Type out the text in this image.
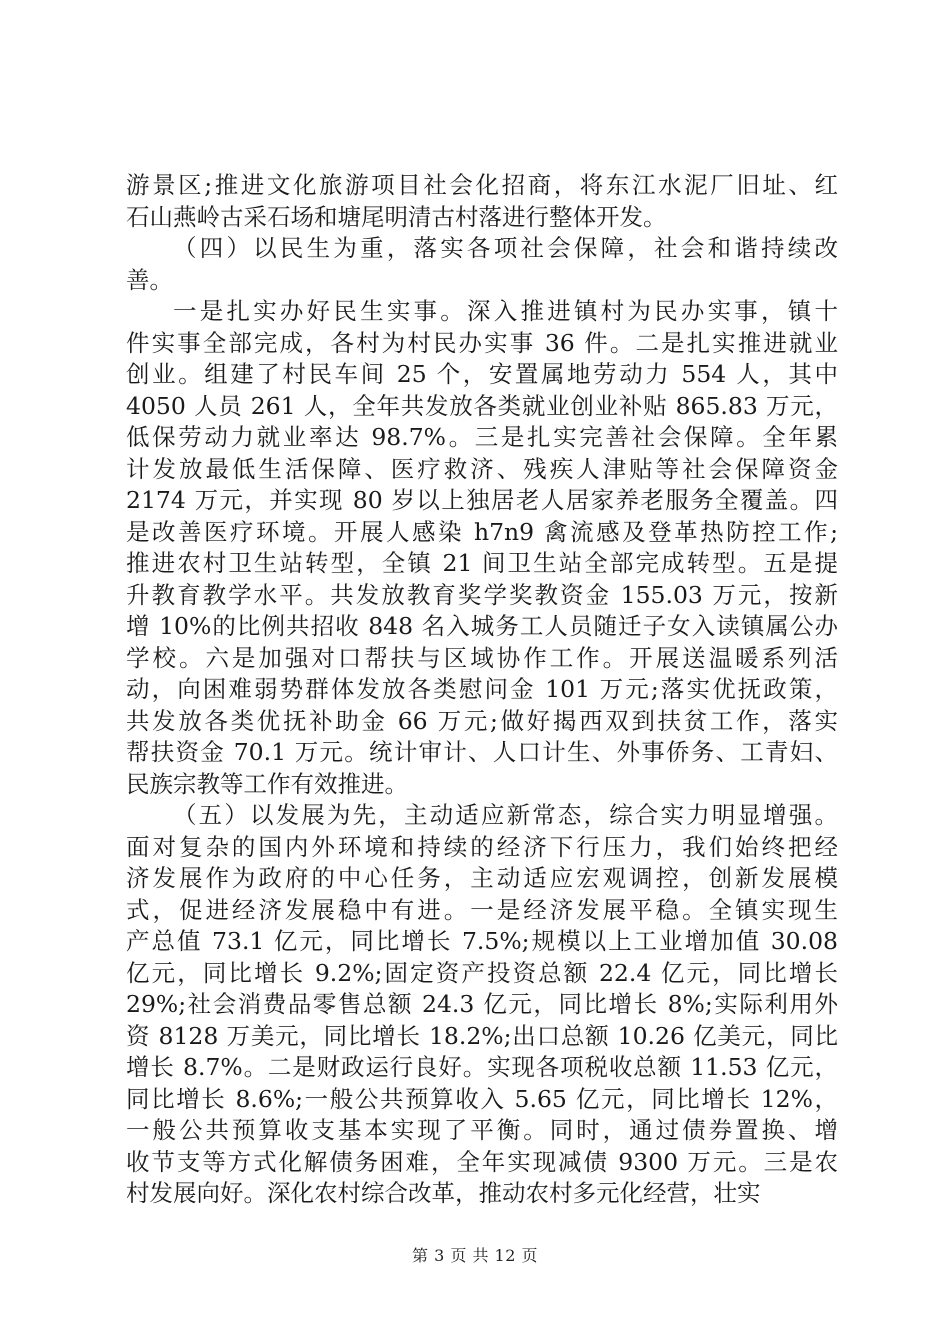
游景区;推进文化旅游项目社会化招商，将东江水泥厂旧址、红
石山燕岭古采石场和塘尾明清古村落进行整体开发。
（四）以民生为重，落实各项社会保障，社会和谐持续改
善。
一是扎实办好民生实事。深入推进镇村为民办实事，镇十
件实事全部完成，各村为村民办实事 36 件。二是扎实推进就业
创业。组建了村民车间 25 个，安置属地劳动力 554 人，其中
4050 人员 261 人，全年共发放各类就业创业补贴 865.83 万元，
低保劳动力就业率达 98.7%。三是扎实完善社会保障。全年累
计发放最低生活保障、医疗救济、残疾人津贴等社会保障资金
2174 万元，并实现 80 岁以上独居老人居家养老服务全覆盖。四
是改善医疗环境。开展人感染 h7n9 禽流感及登革热防控工作;
推进农村卫生站转型，全镇 21 间卫生站全部完成转型。五是提
升教育教学水平。共发放教育奖学奖教资金 155.03 万元，按新
增 10%的比例共招收 848 名入城务工人员随迁子女入读镇属公办
学校。六是加强对口帮扶与区域协作工作。开展送温暖系列活
动，向困难弱势群体发放各类慰问金 101 万元;落实优抚政策，
共发放各类优抚补助金 66 万元;做好揭西双到扶贫工作，落实
帮扶资金 70.1 万元。统计审计、人口计生、外事侨务、工青妇、
民族宗教等工作有效推进。
（五）以发展为先，主动适应新常态，综合实力明显增强。
面对复杂的国内外环境和持续的经济下行压力，我们始终把经
济发展作为政府的中心任务，主动适应宏观调控，创新发展模
式，促进经济发展稳中有进。一是经济发展平稳。全镇实现生
产总值 73.1 亿元，同比增长 7.5%;规模以上工业增加值 30.08
亿元，同比增长 9.2%;固定资产投资总额 22.4 亿元，同比增长
29%;社会消费品零售总额 24.3 亿元，同比增长 8%;实际利用外
资 8128 万美元，同比增长 18.2%;出口总额 10.26 亿美元，同比
增长 8.7%。二是财政运行良好。实现各项税收总额 11.53 亿元，
同比增长 8.6%;一般公共预算收入 5.65 亿元，同比增长 12%，
一般公共预算收支基本实现了平衡。同时，通过债券置换、增
收节支等方式化解债务困难，全年实现减债 9300 万元。三是农
村发展向好。深化农村综合改革，推动农村多元化经营，壮实
第 3 页 共 12 页
